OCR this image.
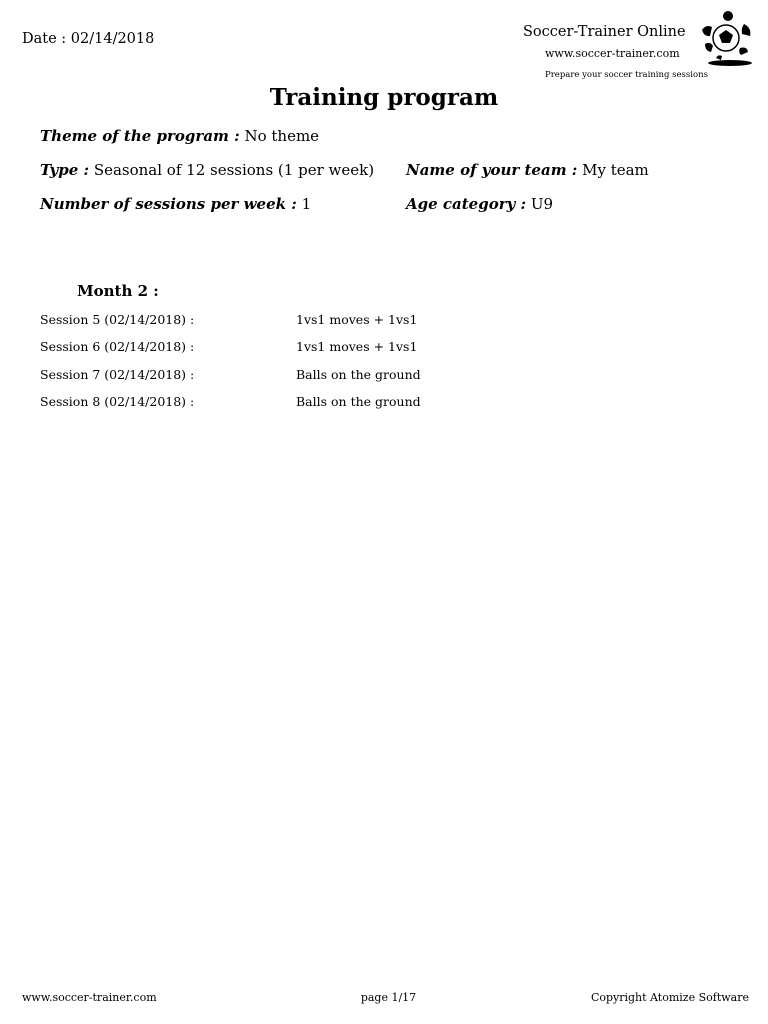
Date : 02/14/2018	Soccer-Trainer Online
www.soccer-trainer.com
Prepare your soccer training sessions
Training program
Theme of the program : No theme
Type : Seasonal of 12 sessions (1 per week) Name of your team : My team
Number of sessions per week : 1	Age category : U9
Month 2 :
Session 5 (02/14/2018) :	1vs1 moves + 1vs1
Session 6 (02/14/2018) :	1vs1 moves + 1vs1
Session 7 (02/14/2018) :	Balls on the ground
Session 8 (02/14/2018) :	Balls on the ground
www.soccer-trainer.com	page 1/17	Copyright Atomize Software
